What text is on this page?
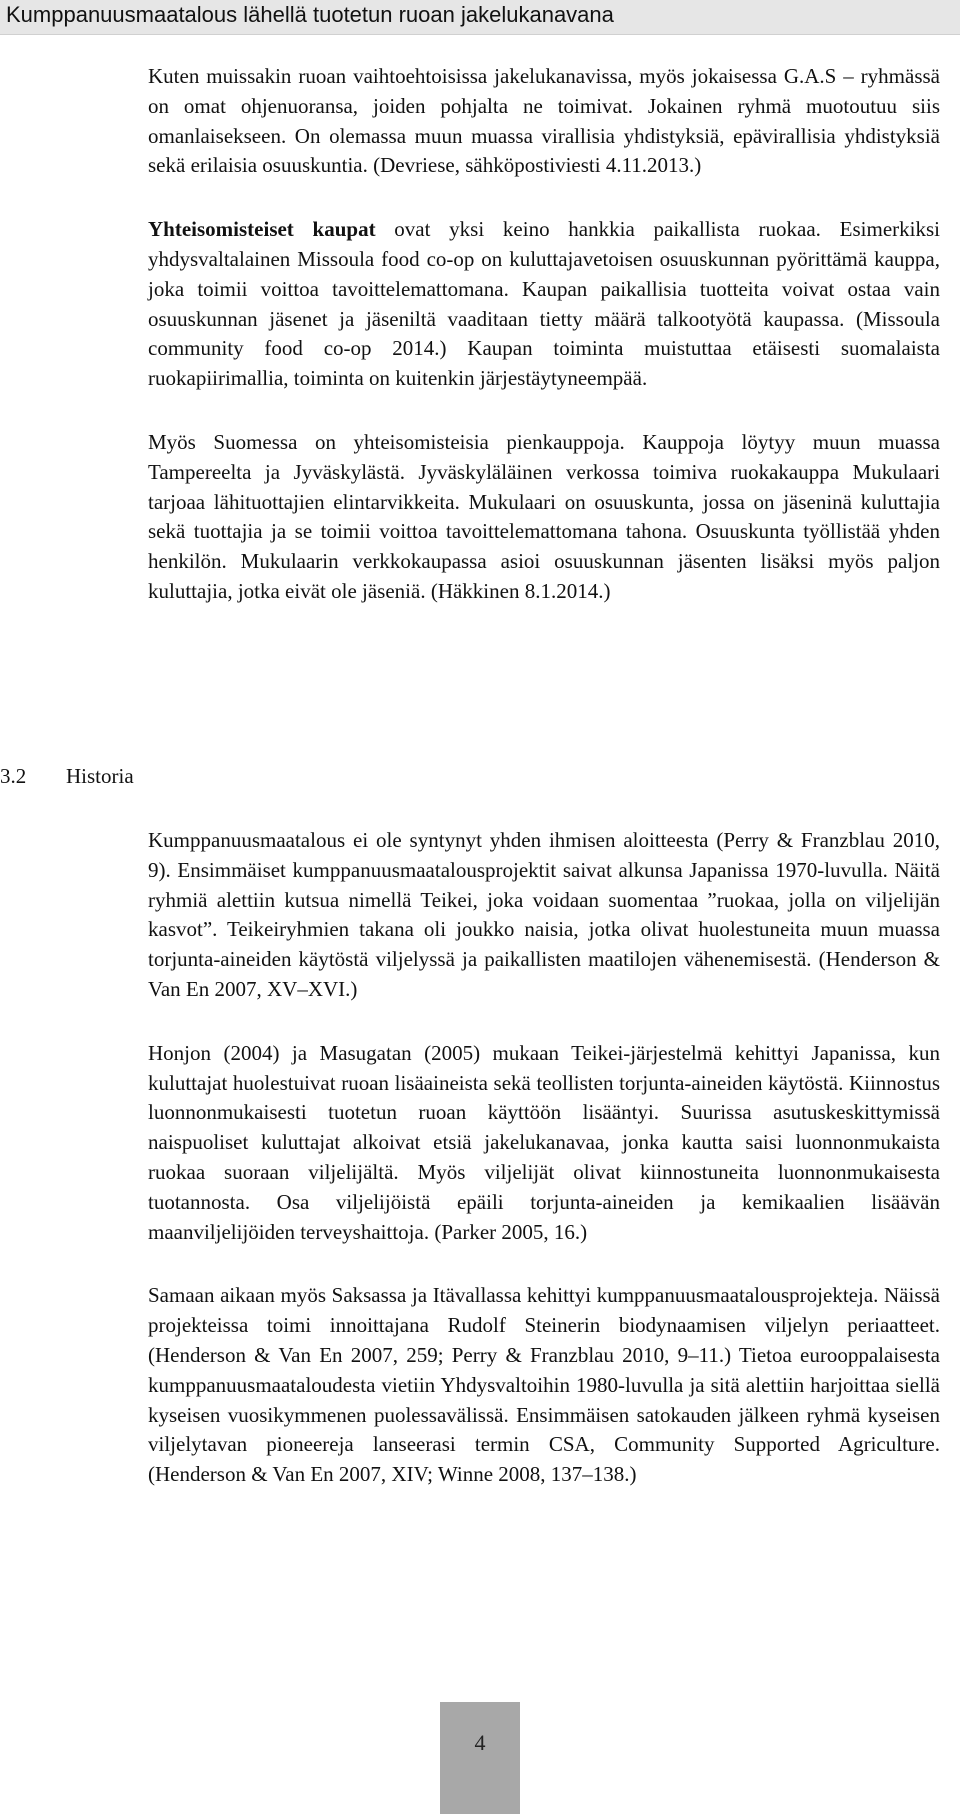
Kumppanuusmaatalous lähellä tuotetun ruoan jakelukanavana

Kuten muissakin ruoan vaihtoehtoisissa jakelukanavissa, myös jokaisessa G.A.S – ryhmässä on omat ohjenuoransa, joiden pohjalta ne toimivat. Jokainen ryhmä muotoutuu siis omanlaisekseen. On olemassa muun muassa virallisia yhdistyksiä, epävirallisia yhdistyksiä sekä erilaisia osuuskuntia. (Devriese, sähköpostiviesti 4.11.2013.)

Yhteisomisteiset kaupat ovat yksi keino hankkia paikallista ruokaa. Esimerkiksi yhdysvaltalainen Missoula food co-op on kuluttajavetoisen osuuskunnan pyörittämä kauppa, joka toimii voittoa tavoittelemattomana. Kaupan paikallisia tuotteita voivat ostaa vain osuuskunnan jäsenet ja jäseniltä vaaditaan tietty määrä talkootyötä kaupassa. (Missoula community food co-op 2014.) Kaupan toiminta muistuttaa etäisesti suomalaista ruokapiirimallia, toiminta on kuitenkin järjestäytyneempää.

Myös Suomessa on yhteisomisteisia pienkauppoja. Kauppoja löytyy muun muassa Tampereelta ja Jyväskylästä. Jyväskyläläinen verkossa toimiva ruokakauppa Mukulaari tarjoaa lähituottajien elintarvikkeita. Mukulaari on osuuskunta, jossa on jäseninä kuluttajia sekä tuottajia ja se toimii voittoa tavoittelemattomana tahona. Osuuskunta työllistää yhden henkilön. Mukulaarin verkkokaupassa asioi osuuskunnan jäsenten lisäksi myös paljon kuluttajia, jotka eivät ole jäseniä. (Häkkinen 8.1.2014.)

3.2 Historia

Kumppanuusmaatalous ei ole syntynyt yhden ihmisen aloitteesta (Perry & Franzblau 2010, 9). Ensimmäiset kumppanuusmaatalousprojektit saivat alkunsa Japanissa 1970-luvulla. Näitä ryhmiä alettiin kutsua nimellä Teikei, joka voidaan suomentaa ”ruokaa, jolla on viljelijän kasvot”. Teikeiryhmien takana oli joukko naisia, jotka olivat huolestuneita muun muassa torjunta-aineiden käytöstä viljelyssä ja paikallisten maatilojen vähenemisestä. (Henderson & Van En 2007, XV–XVI.)

Honjon (2004) ja Masugatan (2005) mukaan Teikei-järjestelmä kehittyi Japanissa, kun kuluttajat huolestuivat ruoan lisäaineista sekä teollisten torjunta-aineiden käytöstä. Kiinnostus luonnonmukaisesti tuotetun ruoan käyttöön lisääntyi. Suurissa asutuskeskittymissä naispuoliset kuluttajat alkoivat etsiä jakelukanavaa, jonka kautta saisi luonnonmukaista ruokaa suoraan viljelijältä. Myös viljelijät olivat kiinnostuneita luonnonmukaisesta tuotannosta. Osa viljelijöistä epäili torjunta-aineiden ja kemikaalien lisäävän maanviljelijöiden terveyshaittoja. (Parker 2005, 16.)

Samaan aikaan myös Saksassa ja Itävallassa kehittyi kumppanuusmaatalousprojekteja. Näissä projekteissa toimi innoittajana Rudolf Steinerin biodynaamisen viljelyn periaatteet. (Henderson & Van En 2007, 259; Perry & Franzblau 2010, 9–11.) Tietoa eurooppalaisesta kumppanuusmaataloudesta vietiin Yhdysvaltoihin 1980-luvulla ja sitä alettiin harjoittaa siellä kyseisen vuosikymmenen puolessavälissä. Ensimmäisen satokauden jälkeen ryhmä kyseisen viljelytavan pioneereja lanseerasi termin CSA, Community Supported Agriculture. (Henderson & Van En 2007, XIV; Winne 2008, 137–138.)

4
